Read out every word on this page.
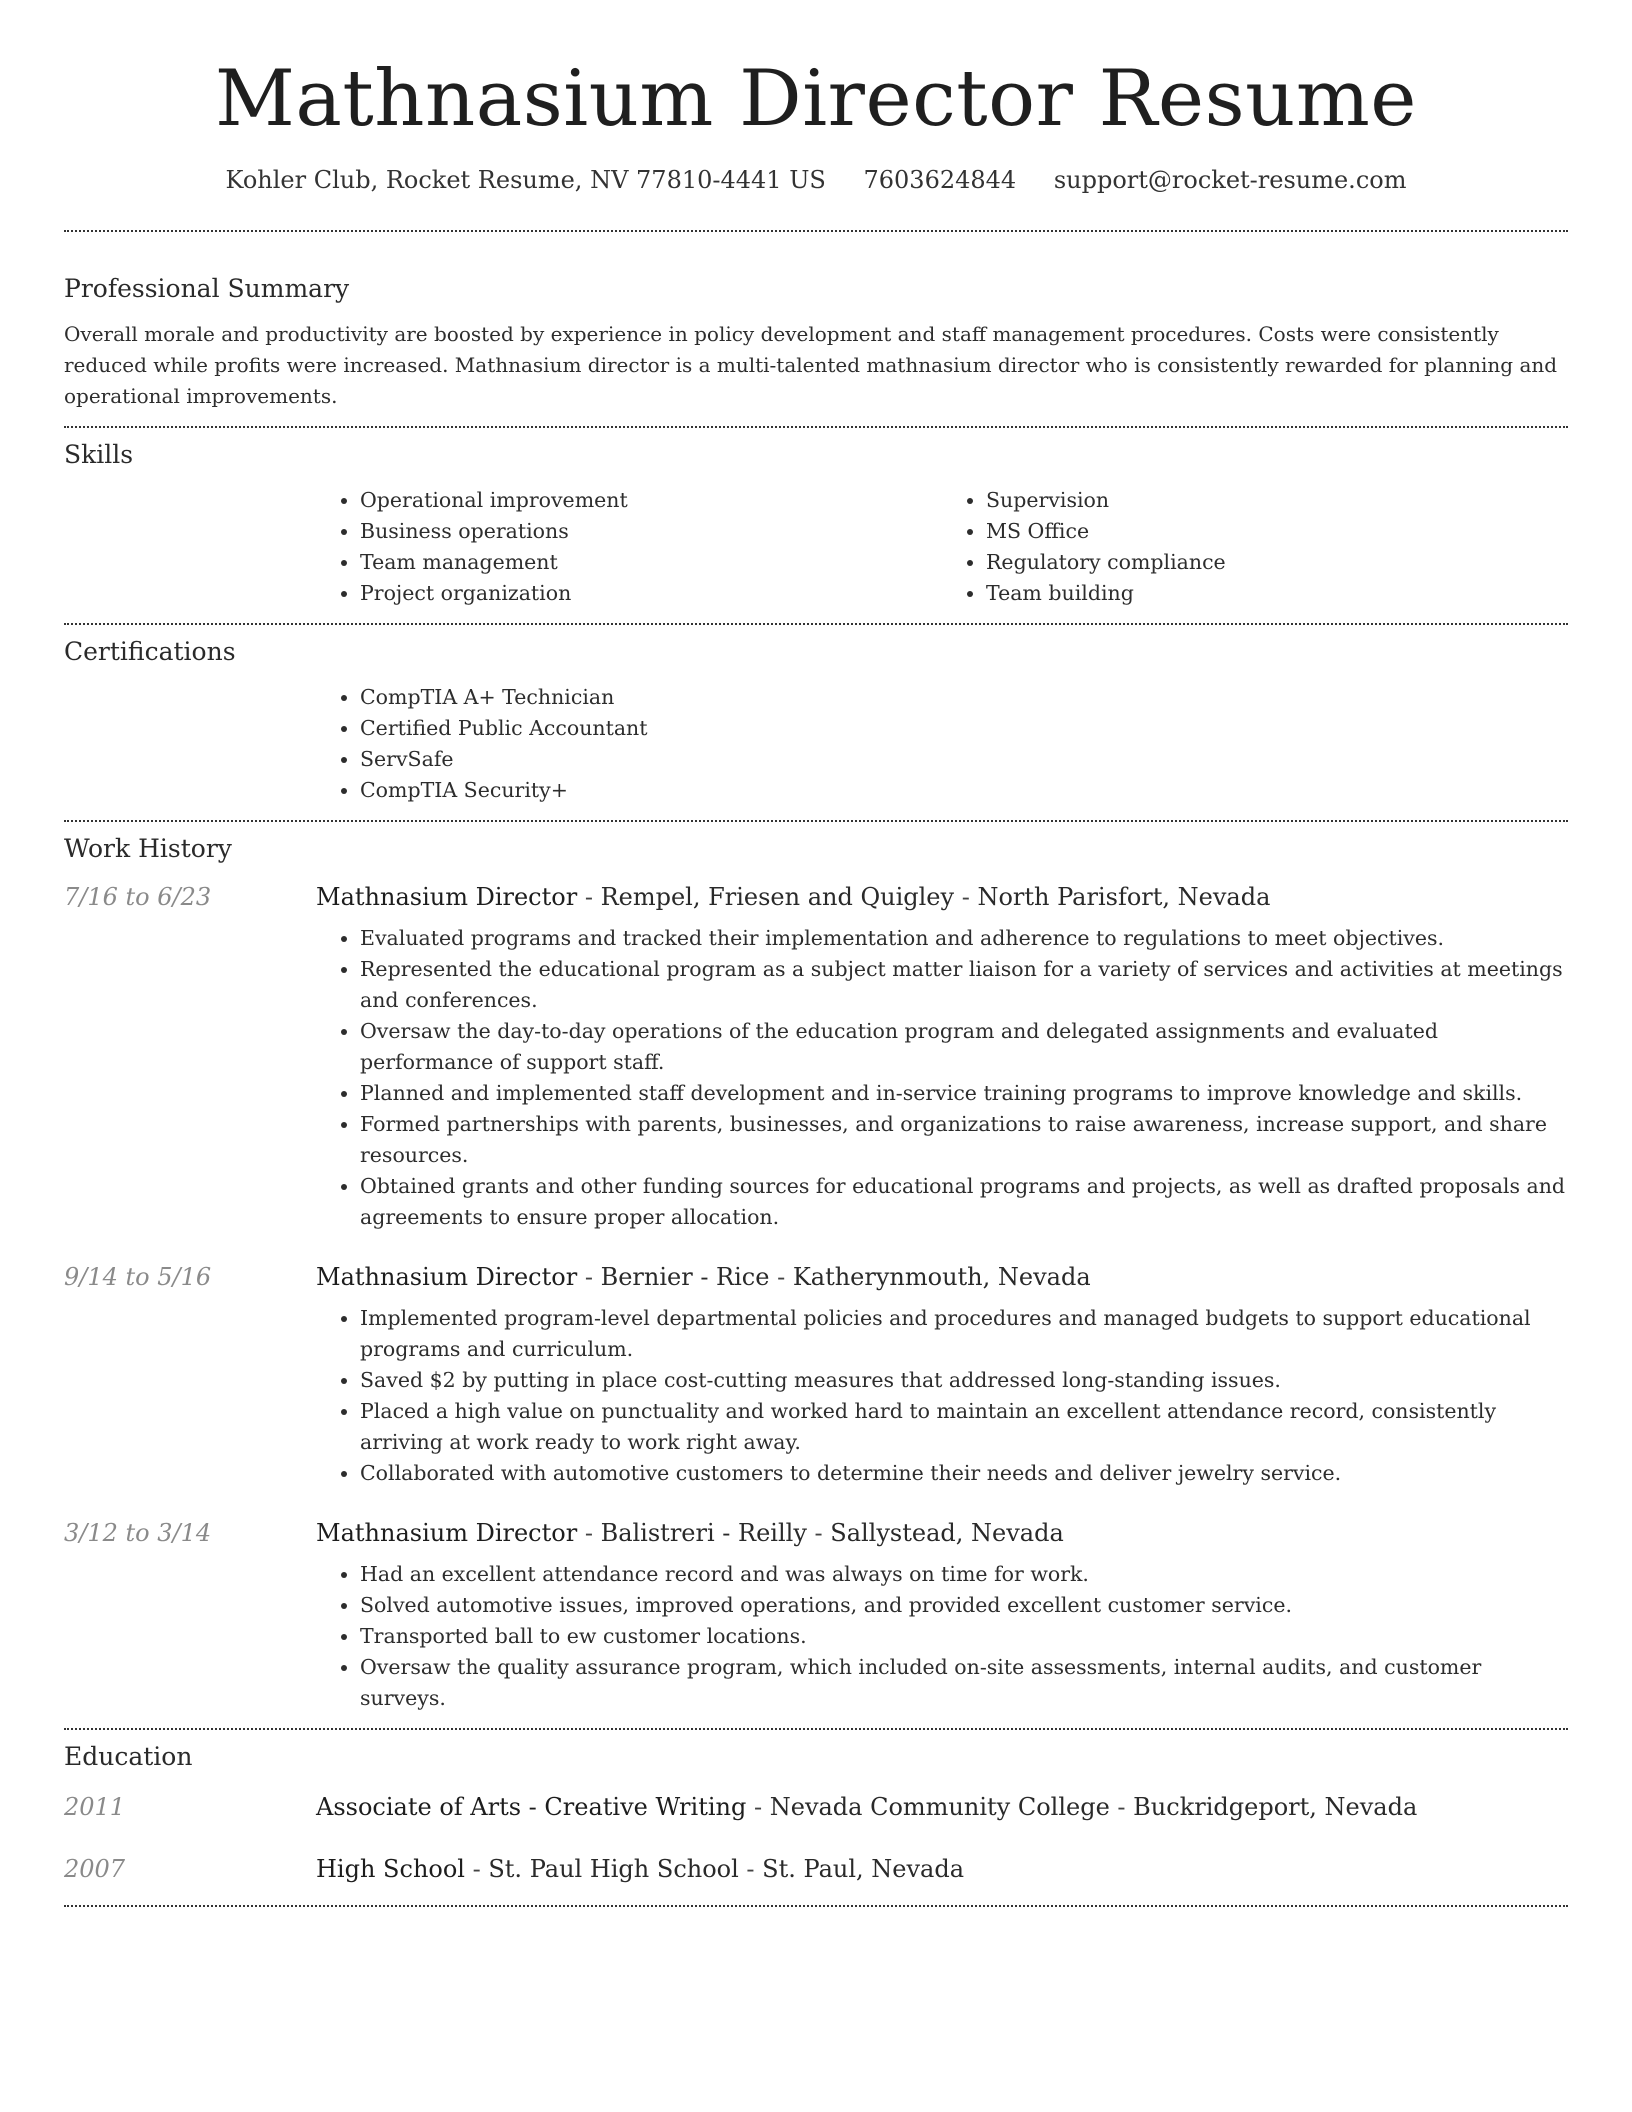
Mathnasium Director Resume
Kohler Club, Rocket Resume, NV 77810-4441 US 7603624844 support@rocket-resume.com
Professional Summary

Overall morale and productivity are boosted by experience in policy development and staff management procedures. Costs were consistently reduced while profits were increased. Mathnasium director is a multi-talented mathnasium director who is consistently rewarded for planning and operational improvements.

Skills
• Operational improvement
• Business operations
• Team management
• Project organization
• Supervision
• MS Office
• Regulatory compliance
• Team building
Certifications
• CompTIA A+ Technician
• Certified Public Accountant
• ServSafe
• CompTIA Security+
Work History
7/16 to 6/23	Mathnasium Director - Rempel, Friesen and Quigley - North Parisfort, Nevada
• Evaluated programs and tracked their implementation and adherence to regulations to meet objectives.
• Represented the educational program as a subject matter liaison for a variety of services and activities at meetings and conferences.
• Oversaw the day-to-day operations of the education program and delegated assignments and evaluated performance of support staff.
• Planned and implemented staff development and in-service training programs to improve knowledge and skills.
• Formed partnerships with parents, businesses, and organizations to raise awareness, increase support, and share resources.
• Obtained grants and other funding sources for educational programs and projects, as well as drafted proposals and agreements to ensure proper allocation.
9/14 to 5/16	Mathnasium Director - Bernier - Rice - Katherynmouth, Nevada
• Implemented program-level departmental policies and procedures and managed budgets to support educational programs and curriculum.
• Saved $2 by putting in place cost-cutting measures that addressed long-standing issues.
• Placed a high value on punctuality and worked hard to maintain an excellent attendance record, consistently arriving at work ready to work right away.
• Collaborated with automotive customers to determine their needs and deliver jewelry service.
3/12 to 3/14	Mathnasium Director - Balistreri - Reilly - Sallystead, Nevada
• Had an excellent attendance record and was always on time for work.
• Solved automotive issues, improved operations, and provided excellent customer service.
• Transported ball to ew customer locations.
• Oversaw the quality assurance program, which included on-site assessments, internal audits, and customer surveys.
Education
2011	Associate of Arts - Creative Writing - Nevada Community College - Buckridgeport, Nevada
2007	High School - St. Paul High School - St. Paul, Nevada
